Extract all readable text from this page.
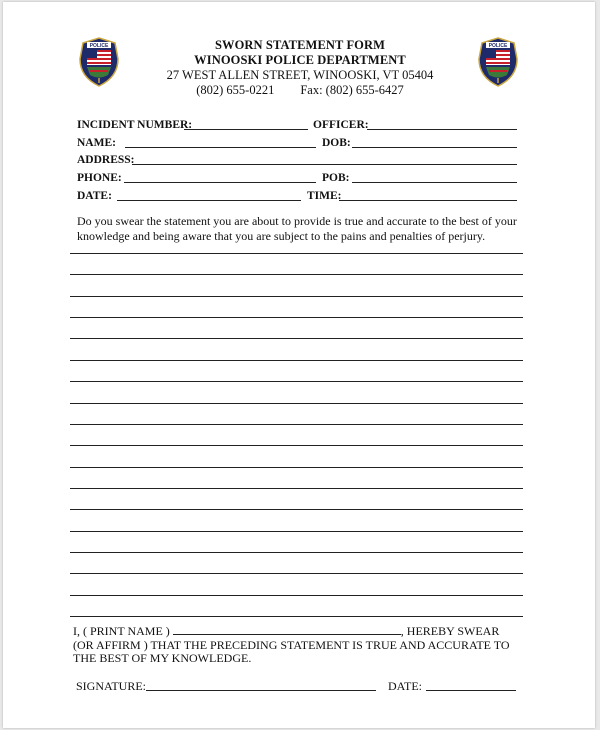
POLICE	POLICE
SWORN STATEMENT FORM
WINOOSKI POLICE DEPARTMENT
27 WEST ALLEN STREET, WINOOSKI, VT 05404
(802) 655-0221 Fax: (802) 655-6427
INCIDENT NUMBER:	OFFICER:
NAME:	DOB:
ADDRESS:
PHONE:	POB:
DATE:	TIME:
Do you swear the statement you are about to provide is true and accurate to the best of your
knowledge and being aware that you are subject to the pains and penalties of perjury.
I, ( PRINT NAME )	, HEREBY SWEAR
(OR AFFIRM ) THAT THE PRECEDING STATEMENT IS TRUE AND ACCURATE TO
THE BEST OF MY KNOWLEDGE.
SIGNATURE:	DATE:
